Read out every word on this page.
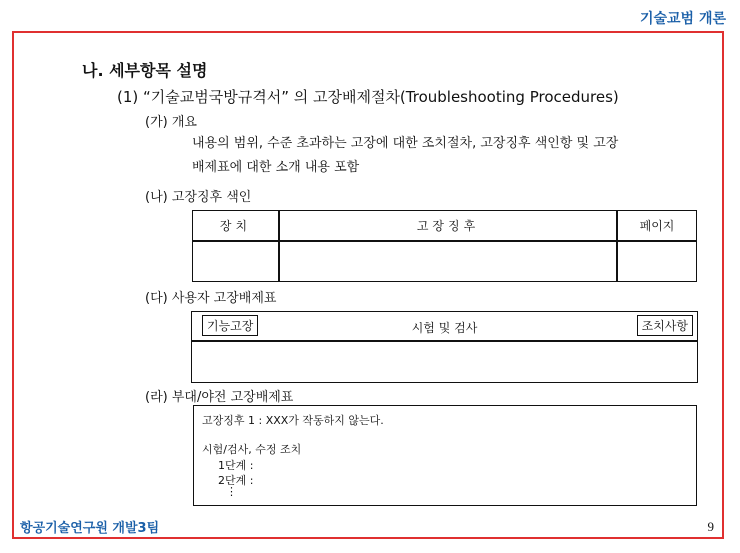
기술교범 개론
나. 세부항목 설명
(1) “기술교범국방규격서” 의 고장배제절차(Troubleshooting Procedures)
(가) 개요
내용의 범위, 수준 초과하는 고장에 대한 조치절차, 고장징후 색인항 및 고장
배제표에 대한 소개 내용 포함
(나) 고장징후 색인
장치	고장징후	페이지
(다) 사용자 고장배제표
기능고장	시험 및 검사	조치사항
(라) 부대/야전 고장배제표
고장징후 1 : XXX가 작동하지 않는다.
시험/검사, 수정 조치
1단계 :
2단계 :
⋮
항공기술연구원 개발3팀	9
